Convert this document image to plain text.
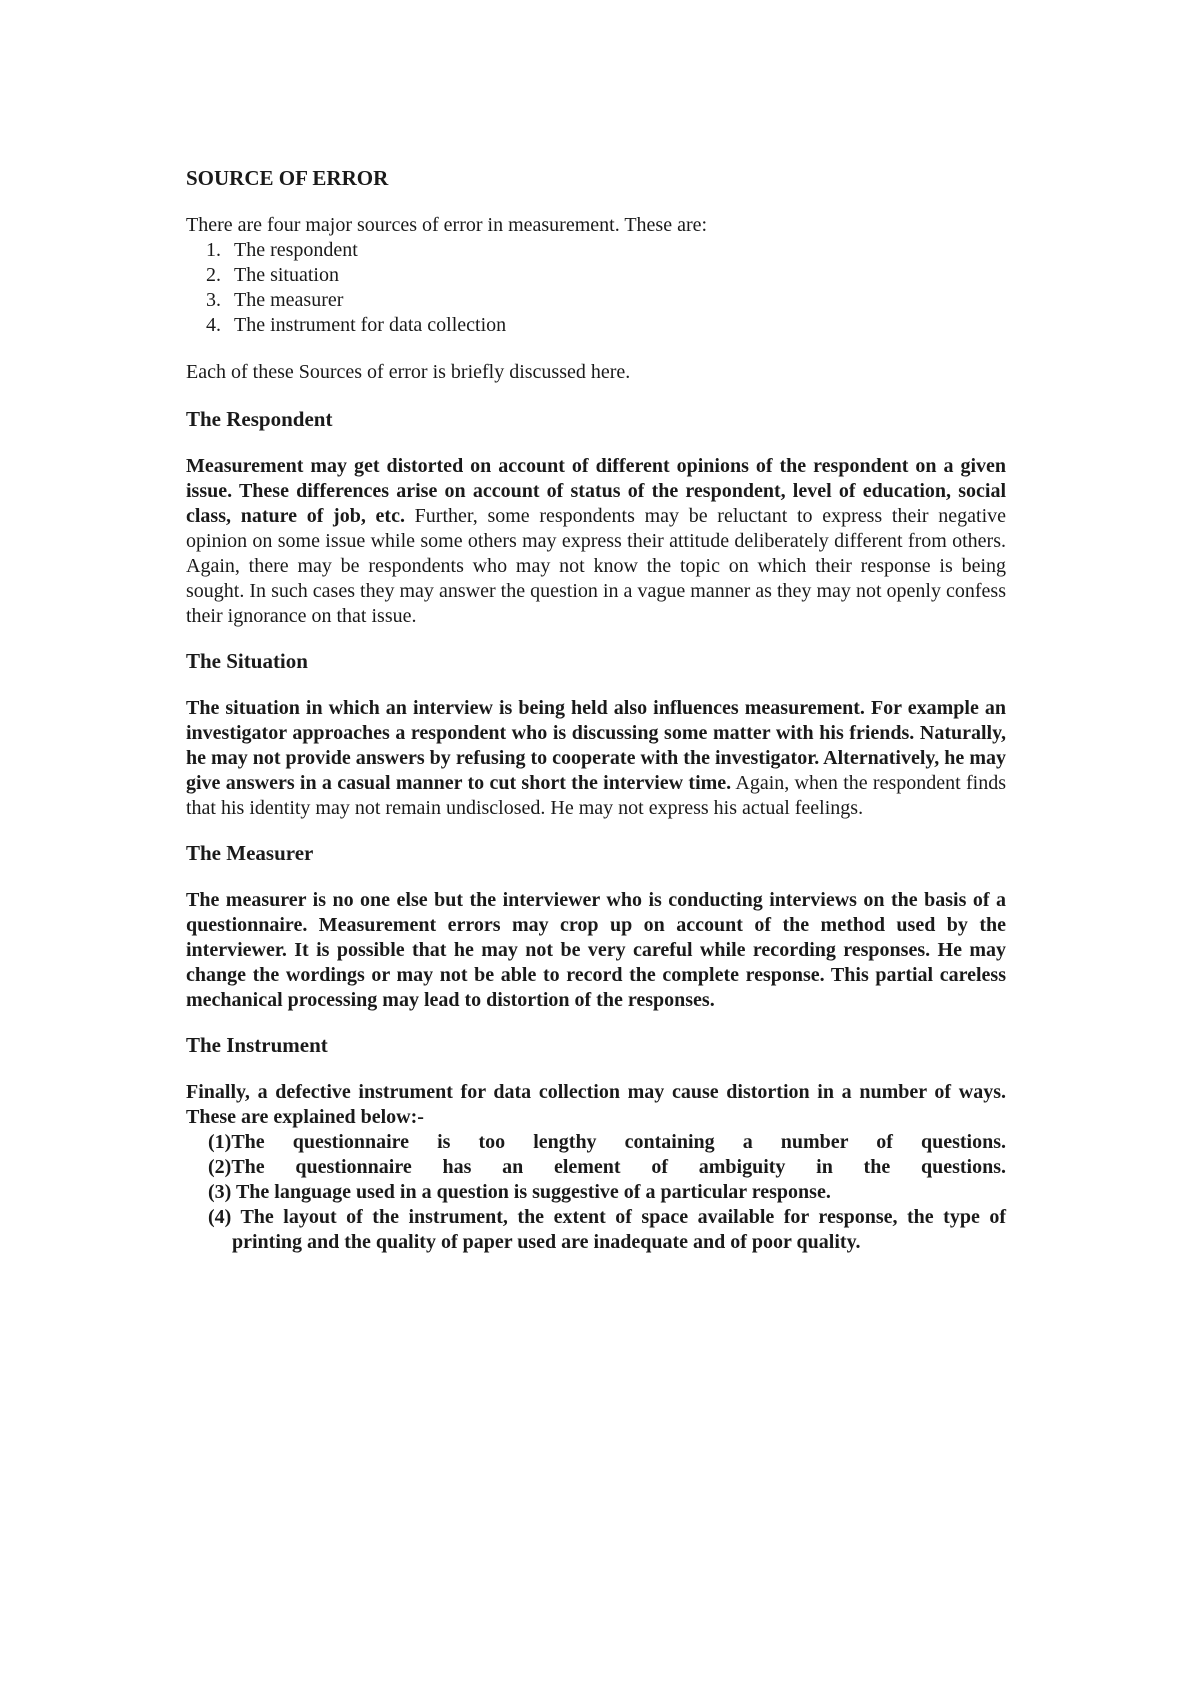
SOURCE OF ERROR

There are four major sources of error in measurement. These are:

1. The respondent
2. The situation
3. The measurer
4. The instrument for data collection

Each of these Sources of error is briefly discussed here.

The Respondent

Measurement may get distorted on account of different opinions of the respondent on a given issue. These differences arise on account of status of the respondent, level of education, social class, nature of job, etc. Further, some respondents may be reluctant to express their negative opinion on some issue while some others may express their attitude deliberately different from others. Again, there may be respondents who may not know the topic on which their response is being sought. In such cases they may answer the question in a vague manner as they may not openly confess their ignorance on that issue.

The Situation

The situation in which an interview is being held also influences measurement. For example an investigator approaches a respondent who is discussing some matter with his friends. Naturally, he may not provide answers by refusing to cooperate with the investigator. Alternatively, he may give answers in a casual manner to cut short the interview time. Again, when the respondent finds that his identity may not remain undisclosed. He may not express his actual feelings.

The Measurer

The measurer is no one else but the interviewer who is conducting interviews on the basis of a questionnaire. Measurement errors may crop up on account of the method used by the interviewer. It is possible that he may not be very careful while recording responses. He may change the wordings or may not be able to record the complete response. This partial careless mechanical processing may lead to distortion of the responses.

The Instrument

Finally, a defective instrument for data collection may cause distortion in a number of ways. These are explained below:-

(1)The questionnaire is too lengthy containing a number of questions.
(2)The questionnaire has an element of ambiguity in the questions.
(3) The language used in a question is suggestive of a particular response.
(4) The layout of the instrument, the extent of space available for response, the type of printing and the quality of paper used are inadequate and of poor quality.
